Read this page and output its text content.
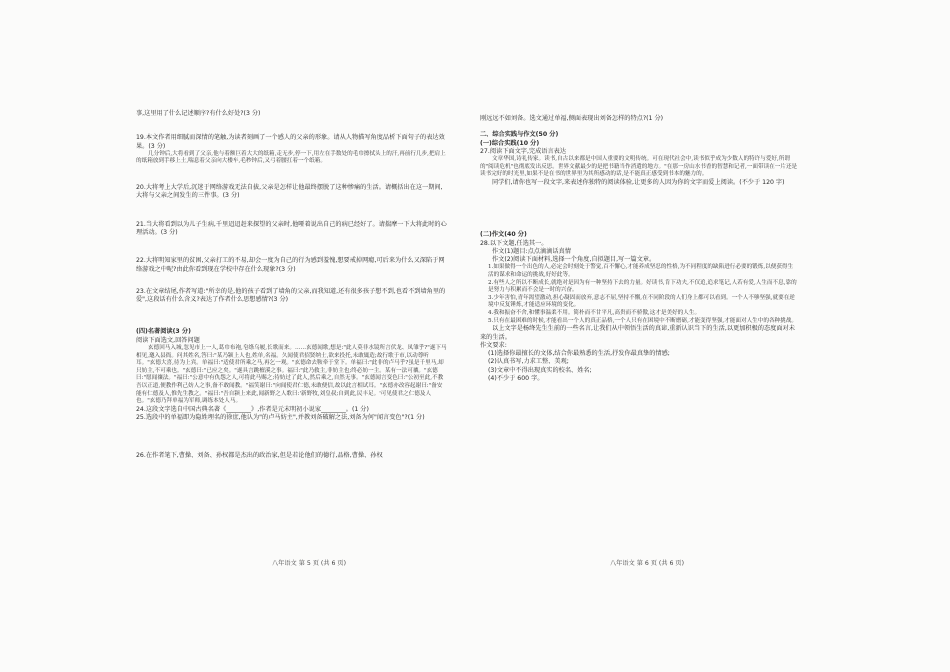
事,这里用了什么记述顺序?有什么好处?(3 分)

19.本文作者用细腻而深情的笔触,为读者刻画了一个感人的父亲的形象。请从人物描写角度品析下面句子的表达效果。(3 分)

几分钟后,大将看到了父亲,他与着额巨着大大的纸箱,走无步,停一下,用左在手数处的毛巾擦拭头上的汗,再前行几步,把肩上的纸箱放到手移上土,喘息着父亲向大楼车,毛秒钟后,又弓着腰扛着一个纸箱。

20.大将考上大学后,沉迷于网络游戏无法自拔,父亲是怎样让他最终摆脱了这种惨痛的生活。请概括出在这一期间,大将与父亲之间发生的三件事。(3 分)

21.当大将看到以为儿子生病,千里迢迢赶来探望的父亲时,他哑着说出自己的病已经好了。请揣摩一下大将此时的心理活动。(3 分)

22.大将明知家里的贫困,父亲打工的不易,却会一度为自己的行为感到羞愧,想要戒掉网瘾,可后来为什么又深陷于网络游戏之中呢?由此你看到现在学校中存在什么现象?(3 分)

23.在文章结尾,作者写道:"所幸的是,他的孩子看到了墙角的父亲,而我知道,还有很多孩子想不到,也看不到墙角里的爱",这段话有什么含义?表达了作者什么思想感情?(3 分)

(四)名著阅读(3 分)

阅读下面选文,回答问题

玄德回马入城,忽见市上一人,葛巾布袍,皂绦乌履,长歌而来。……玄德闻歌,想是:"此人莫非水镜所言伏龙、凤雏乎?"遂下马相见,邀入县衙。问其姓名,答曰:"某乃颍上人也,姓单,名福。久闻使君招贤纳士,欲来投托,未敢辄造;故行歌于市,以动尊听耳。"玄德大喜,待为上宾。单福曰:"适使君所乘之马,再乞一观。"玄德命去鞍牵于堂下。单福曰:"此非的卢马乎?虽是千里马,却只妨主,不可乘也。"玄德曰:"已应之矣。"遂具言跳檀溪之事。福曰:"此乃救主,非妨主也;终必妨一主。某有一法可禳。"玄德曰:"愿闻禳法。"福曰:"公意中有仇怨之人,可将此马赐之;待妨过了此人,然后乘之,自然无事。"玄德闻言变色曰:"公初至此,不教吾以正道,便教作利己妨人之事,备不敢闻教。"福笑谢曰:"向闻使君仁德,未敢便信,故以此言相试耳。"玄德亦改容起谢曰:"备安能有仁德及人,惟先生教之。"福曰:"吾自颍上来此,闻新野之人歌曰:'新野牧,刘皇叔;自到此,民丰足。'可见使君之仁德及人也。"玄德乃拜单福为军师,调练本处人马。

24.这段文字选自中国古典名著《________》,作者是元末明初小说家________。(1 分)

25.选段中的单福即为隐姓埋名的徐庶,他认为"的卢马妨主",并教刘备破解之法,刘备为何"闻言变色"?(1 分)

26.在作者笔下,曹操、刘备、孙权都是杰出的政治家,但是若论他们的德行,品格,曹操、孙权

八年语文 第 5 页 (共 6 页)

刚远远不如刘备。选文通过单福,侧面表现出刘备怎样的特点?(1 分)

二、综合实践与作文(50 分)

(一)综合实践(10 分)

27.阅读下面文字,完成语言表达

文章华国,诗礼传家。读书,自古以来都是中国人重要的文明传统。可在现代社会中,读书似乎成为少数人的特许与爱好,所谓的"阅读危机"也彻底发出反思。世界文献最少的是把书籍当作消遣的地方。"在那一房山水书香的智慧和记者,一面带读在一片还是读书完好的时光里,如果不是在书的世界里为其所感动的话,是不能真正感受到书本的魅力的。

同学们,请你也写一段文字,来表述你独特的阅读体验,让更多的人因为你的文字而爱上阅读。(不少于 120 字)

(二)作文(40 分)

28.以下文题,任选其一。

作文(1)题目:点点滴滴话真情

作文(2)阅读下面材料,选择一个角度,自拟题目,写一篇文章。

1.如果做得一个出色的人,必定会时刻处于警觉,百不懈心,才能养成坚忍的性格,为不同程度的缺陷进行必要的锻炼,以便获得生活的谋求和命运的挑战,好好此等。

2.有些人之所以不断成长,就绝对是因为有一种坚持下去的力量。好读书,肯下功夫,不仅追,追求笔记,人若有爱,人生而不息,靠的是努力与积累而不会是一时的兴奋。

3.少年害怕,青年渴望激动,担心凝固而放弃,意志不屈,坚持不懈,在不同阶段的人们身上都可以看到。一个人不够坚强,就要在逆境中反复锤炼,才能适应环境的变化。

4.我和振奋不舍,和懂事温柔不用。简朴而不甘平凡,高贵而不骄傲,这才是美好的人生。

5.只有在最困难的时候,才能看出一个人的真正品格,一个人只有在困境中不断磨砺,才能变得坚强,才能面对人生中的各种挑战。

以上文字是杨绛先生生前的一些名言,让我们从中领悟生活的真谛,重新认识当下的生活,以更加积极的态度面对未来的生活。

作文要求:

(1)选择你最擅长的文体,结合你最熟悉的生活,抒发你最真挚的情感;

(2)认真书写,力求工整、美观;

(3)文章中不得出现真实的校名、姓名;

(4)不少于 600 字。

八年语文 第 6 页 (共 6 页)
